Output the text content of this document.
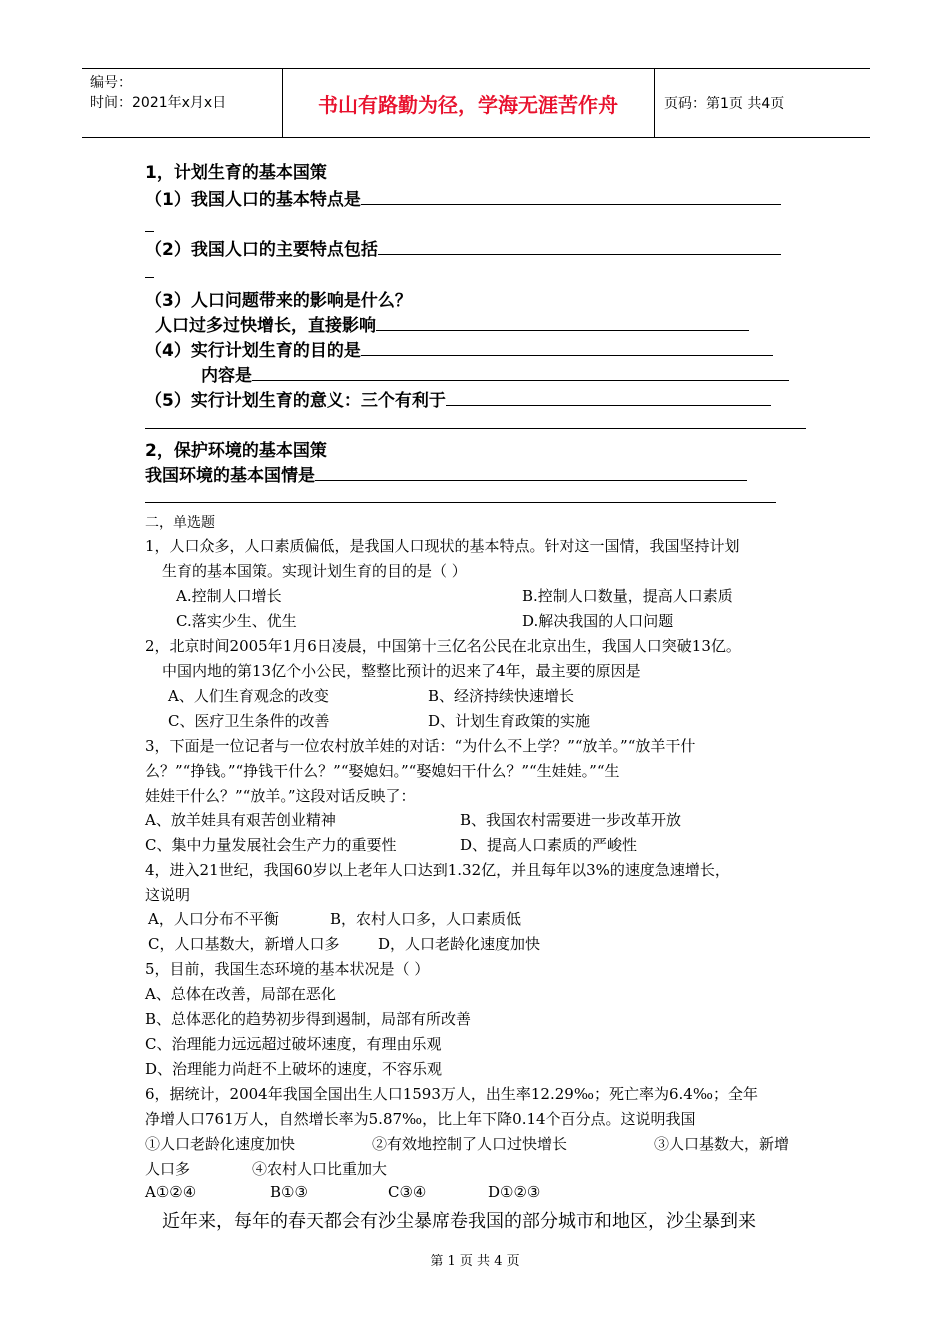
编号：
时间：2021年x月x日	书山有路勤为径，学海无涯苦作舟	页码：第1页 共4页
1，计划生育的基本国策
（1）我国人口的基本特点是
（2）我国人口的主要特点包括
（3）人口问题带来的影响是什么？
人口过多过快增长，直接影响
（4）实行计划生育的目的是
内容是
（5）实行计划生育的意义：三个有利于
2，保护环境的基本国策
我国环境的基本国情是
二，单选题
1，人口众多，人口素质偏低，是我国人口现状的基本特点。针对这一国情，我国坚持计划
生育的基本国策。实现计划生育的目的是（ ）
A.控制人口增长	B.控制人口数量，提高人口素质
C.落实少生、优生	D.解决我国的人口问题
2，北京时间2005年1月6日凌晨，中国第十三亿名公民在北京出生，我国人口突破13亿。
中国内地的第13亿个小公民，整整比预计的迟来了4年，最主要的原因是
A、人们生育观念的改变	B、经济持续快速增长
C、医疗卫生条件的改善	D、计划生育政策的实施
3，下面是一位记者与一位农村放羊娃的对话：“为什么不上学？”“放羊。”“放羊干什
么？”“挣钱。”“挣钱干什么？”“娶媳妇。”“娶媳妇干什么？”“生娃娃。”“生
娃娃干什么？”“放羊。”这段对话反映了：
A、放羊娃具有艰苦创业精神	B、我国农村需要进一步改革开放
C、集中力量发展社会生产力的重要性	D、提高人口素质的严峻性
4，进入21世纪，我国60岁以上老年人口达到1.32亿，并且每年以3%的速度急速增长，
这说明
A，人口分布不平衡	B，农村人口多，人口素质低
C，人口基数大，新增人口多	D，人口老龄化速度加快
5，目前，我国生态环境的基本状况是（ ）
A、总体在改善，局部在恶化
B、总体恶化的趋势初步得到遏制，局部有所改善
C、治理能力远远超过破坏速度，有理由乐观
D、治理能力尚赶不上破坏的速度，不容乐观
6，据统计，2004年我国全国出生人口1593万人，出生率12.29‰；死亡率为6.4‰；全年
净增人口761万人，自然增长率为5.87‰，比上年下降0.14个百分点。这说明我国
①人口老龄化速度加快	②有效地控制了人口过快增长	③人口基数大，新增
人口多	④农村人口比重加大
A①②④	B①③	C③④	D①②③
近年来，每年的春天都会有沙尘暴席卷我国的部分城市和地区，沙尘暴到来
第 1 页 共 4 页
